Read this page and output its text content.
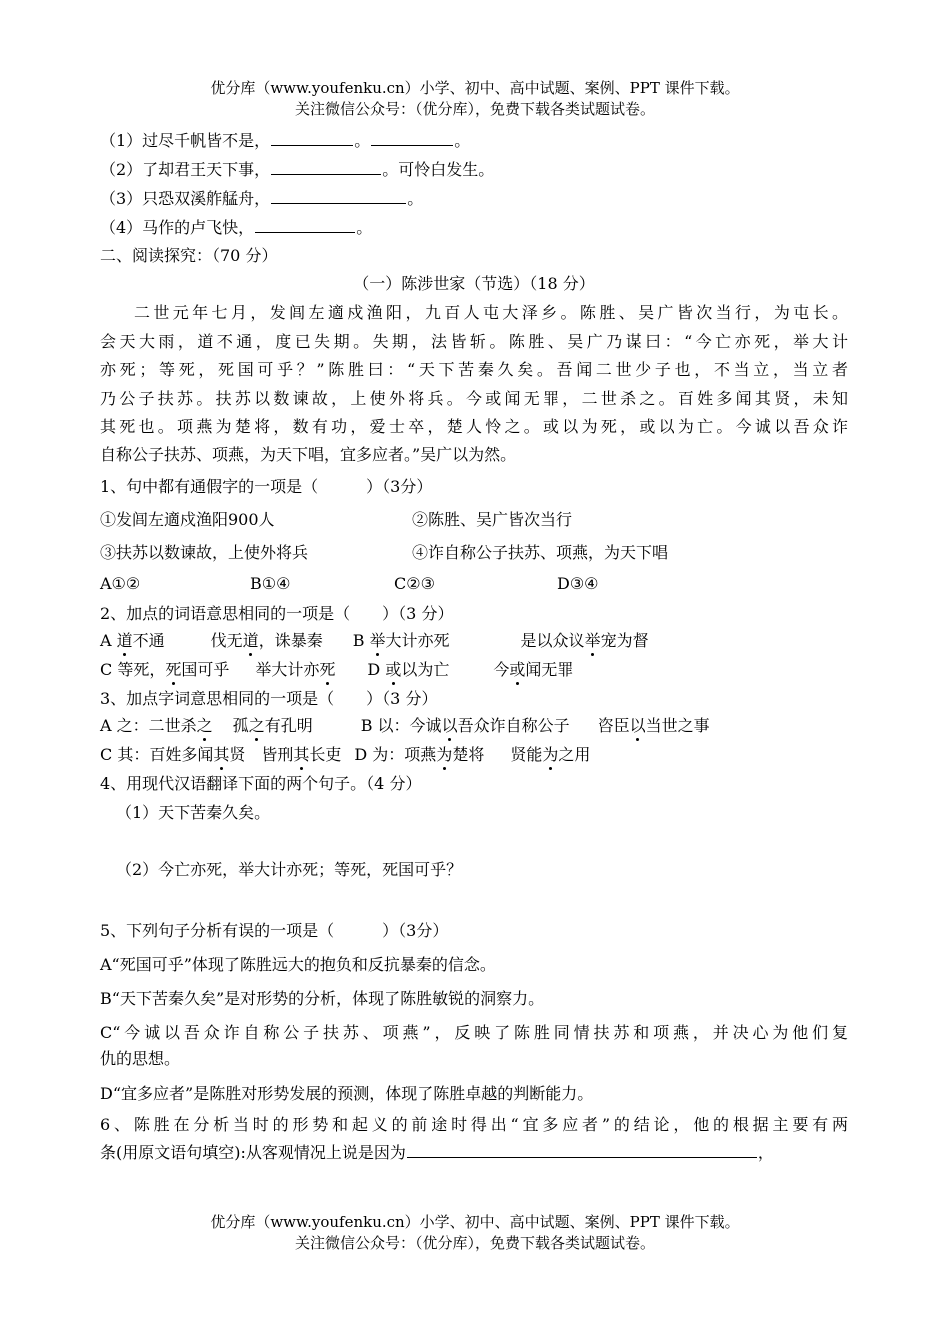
优分库（www.youfenku.cn）小学、初中、高中试题、案例、PPT 课件下载。
关注微信公众号：（优分库），免费下载各类试题试卷。
（1）过尽千帆皆不是，	。	。
（2）了却君王天下事，	。可怜白发生。
（3）只恐双溪舴艋舟，	。
（4）马作的卢飞快，	。
二、阅读探究：（70 分）
（一）陈涉世家（节选）（18 分）
二世元年七月，发闾左適戍渔阳，九百人屯大泽乡。陈胜、吴广皆次当行，为屯长。
会天大雨，道不通，度已失期。失期，法皆斩。陈胜、吴广乃谋曰：“今亡亦死，举大计
亦死；等死，死国可乎？”陈胜曰：“天下苦秦久矣。吾闻二世少子也，不当立，当立者
乃公子扶苏。扶苏以数谏故，上使外将兵。今或闻无罪，二世杀之。百姓多闻其贤，未知
其死也。项燕为楚将，数有功，爱士卒，楚人怜之。或以为死，或以为亡。今诚以吾众诈
自称公子扶苏、项燕，为天下唱，宜多应者。”吴广以为然。
1、句中都有通假字的一项是（　　　）（3分）
①发闾左適戍渔阳900人	②陈胜、吴广皆次当行
③扶苏以数谏故，上使外将兵	④诈自称公子扶苏、项燕，为天下唱
A①②	B①④	C②③	D③④
2、加点的词语意思相同的一项是（　　）（3 分）
A 道不通	伐无道，诛暴秦 B 举大计亦死	是以众议举宠为督
C 等死，死国可乎 举大计亦死 D 或以为亡	今或闻无罪
3、加点字词意思相同的一项是（　　）（3 分）
A 之：二世杀之 孤之有孔明	B 以：今诚以吾众诈自称公子 咨臣以当世之事
C 其：百姓多闻其贤 皆刑其长吏 D 为：项燕为楚将 贤能为之用
4、用现代汉语翻译下面的两个句子。（4 分）
（1）天下苦秦久矣。
（2）今亡亦死，举大计亦死；等死，死国可乎？
5、下列句子分析有误的一项是（　　　）（3分）
A“死国可乎”体现了陈胜远大的抱负和反抗暴秦的信念。
B“天下苦秦久矣”是对形势的分析，体现了陈胜敏锐的洞察力。
C“今诚以吾众诈自称公子扶苏、项燕”，反映了陈胜同情扶苏和项燕，并决心为他们复
仇的思想。
D“宜多应者”是陈胜对形势发展的预测，体现了陈胜卓越的判断能力。
6、陈胜在分析当时的形势和起义的前途时得出“宜多应者”的结论，他的根据主要有两
条(用原文语句填空):从客观情况上说是因为	，
优分库（www.youfenku.cn）小学、初中、高中试题、案例、PPT 课件下载。
关注微信公众号：（优分库），免费下载各类试题试卷。
